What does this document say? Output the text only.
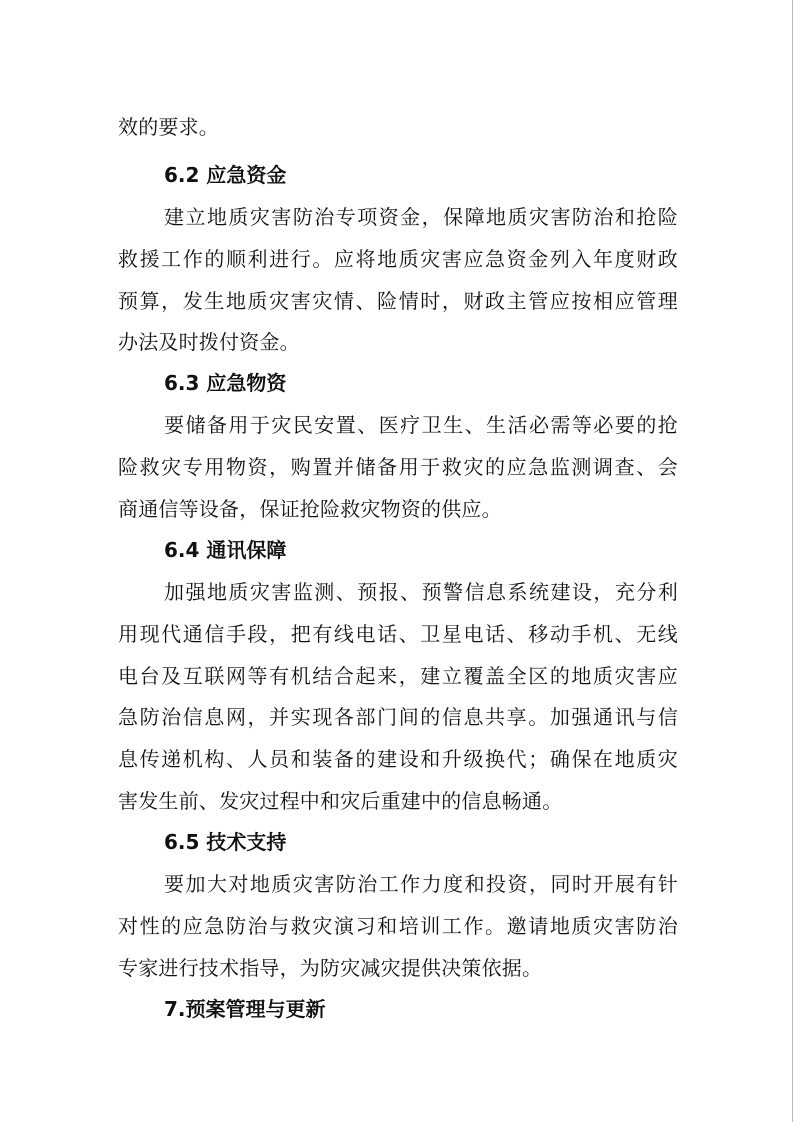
效的要求。
6.2 应急资金
建立地质灾害防治专项资金，保障地质灾害防治和抢险
救援工作的顺利进行。应将地质灾害应急资金列入年度财政
预算，发生地质灾害灾情、险情时，财政主管应按相应管理
办法及时拨付资金。
6.3 应急物资
要储备用于灾民安置、医疗卫生、生活必需等必要的抢
险救灾专用物资，购置并储备用于救灾的应急监测调查、会
商通信等设备，保证抢险救灾物资的供应。
6.4 通讯保障
加强地质灾害监测、预报、预警信息系统建设，充分利
用现代通信手段，把有线电话、卫星电话、移动手机、无线
电台及互联网等有机结合起来，建立覆盖全区的地质灾害应
急防治信息网，并实现各部门间的信息共享。加强通讯与信
息传递机构、人员和装备的建设和升级换代；确保在地质灾
害发生前、发灾过程中和灾后重建中的信息畅通。
6.5 技术支持
要加大对地质灾害防治工作力度和投资，同时开展有针
对性的应急防治与救灾演习和培训工作。邀请地质灾害防治
专家进行技术指导，为防灾减灾提供决策依据。
7.预案管理与更新
